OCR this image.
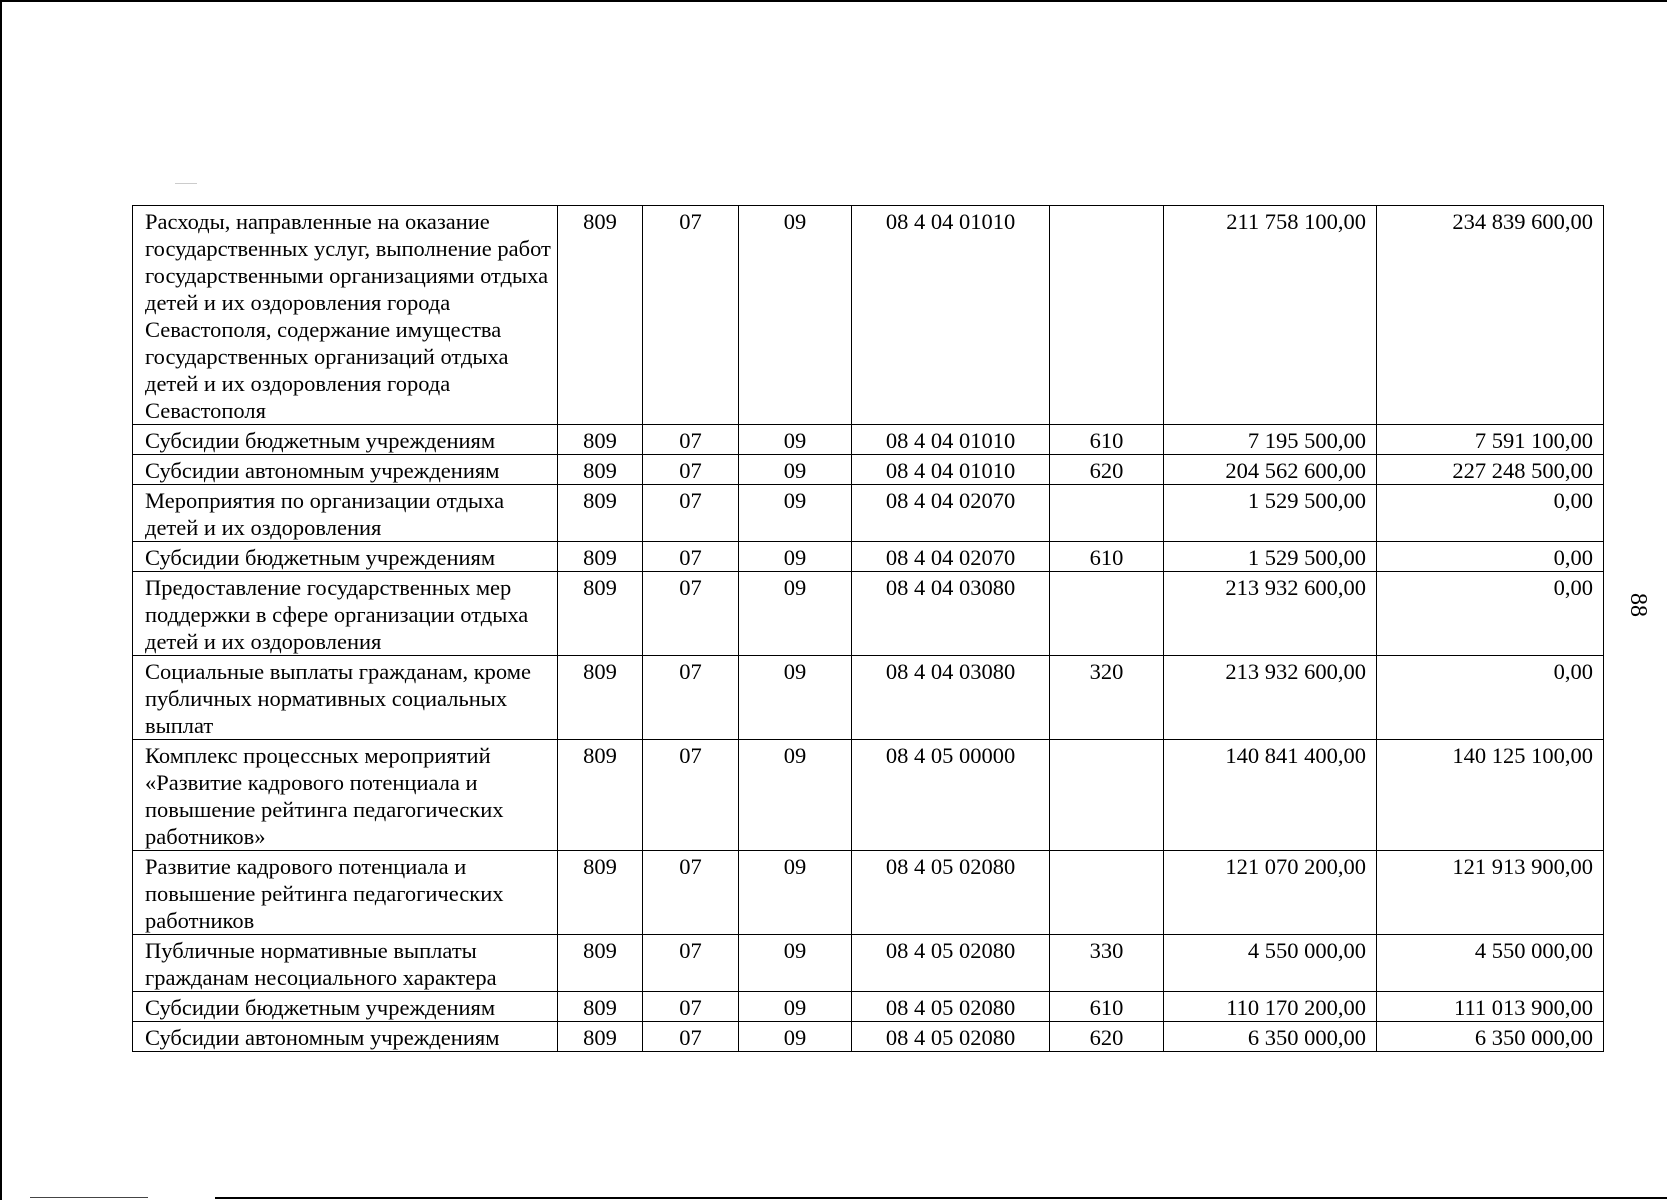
Расходы, направленные на оказание государственных услуг, выполнение работ государственными организациями отдыха детей и их оздоровления города Севастополя, содержание имущества государственных организаций отдыха детей и их оздоровления города Севастополя	809	07	09	08 4 04 01010		211 758 100,00	234 839 600,00
Субсидии бюджетным учреждениям	809	07	09	08 4 04 01010	610	7 195 500,00	7 591 100,00
Субсидии автономным учреждениям	809	07	09	08 4 04 01010	620	204 562 600,00	227 248 500,00
Мероприятия по организации отдыха детей и их оздоровления	809	07	09	08 4 04 02070		1 529 500,00	0,00
Субсидии бюджетным учреждениям	809	07	09	08 4 04 02070	610	1 529 500,00	0,00
Предоставление государственных мер поддержки в сфере организации отдыха детей и их оздоровления	809	07	09	08 4 04 03080		213 932 600,00	0,00
Социальные выплаты гражданам, кроме публичных нормативных социальных выплат	809	07	09	08 4 04 03080	320	213 932 600,00	0,00
Комплекс процессных мероприятий «Развитие кадрового потенциала и повышение рейтинга педагогических работников»	809	07	09	08 4 05 00000		140 841 400,00	140 125 100,00
Развитие кадрового потенциала и повышение рейтинга педагогических работников	809	07	09	08 4 05 02080		121 070 200,00	121 913 900,00
Публичные нормативные выплаты гражданам несоциального характера	809	07	09	08 4 05 02080	330	4 550 000,00	4 550 000,00
Субсидии бюджетным учреждениям	809	07	09	08 4 05 02080	610	110 170 200,00	111 013 900,00
Субсидии автономным учреждениям	809	07	09	08 4 05 02080	620	6 350 000,00	6 350 000,00
88
